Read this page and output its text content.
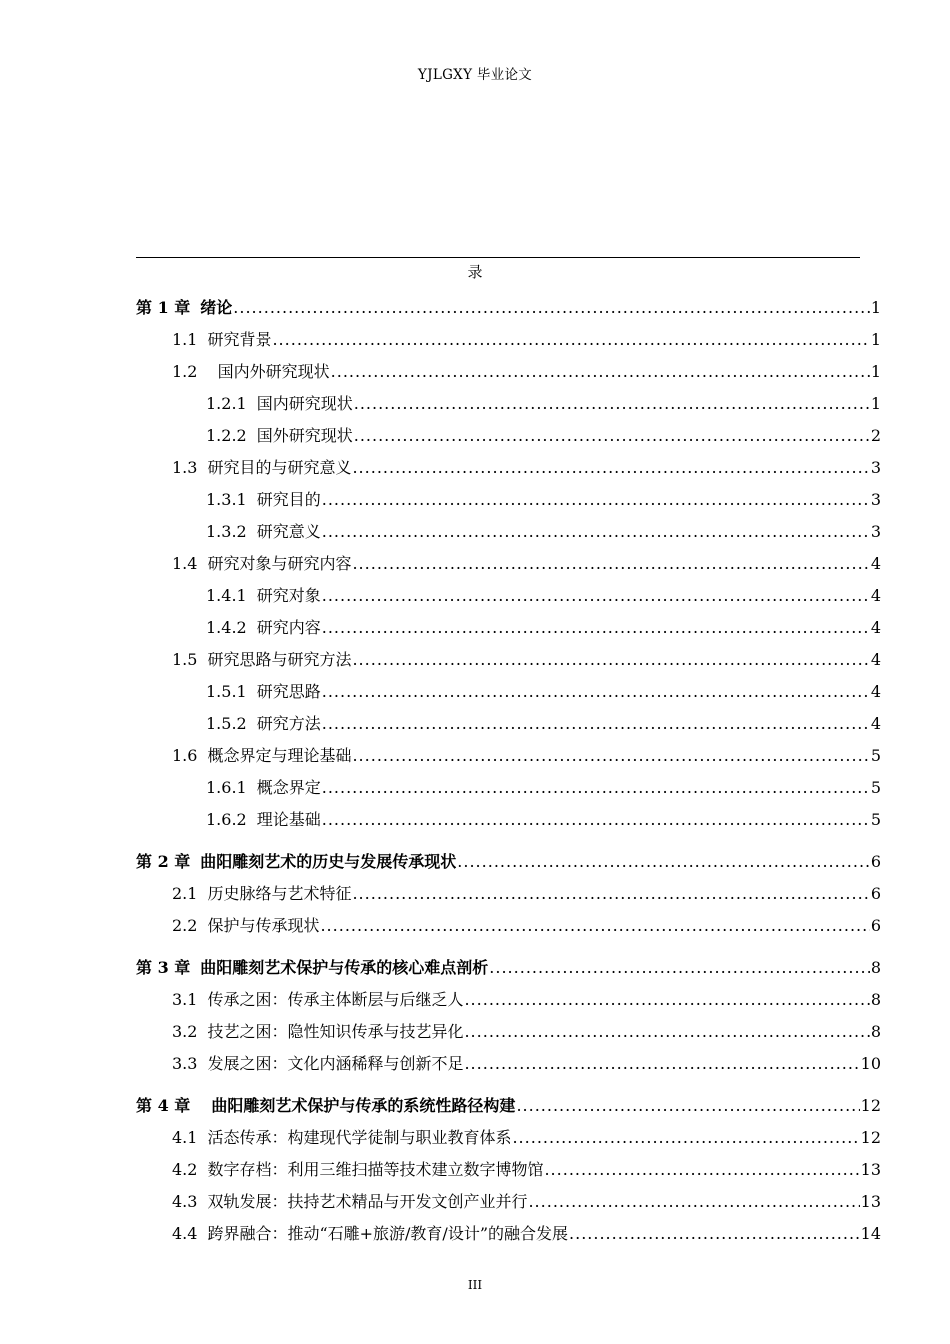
YJLGXY 毕业论文
录
第 1 章 绪论 .....	1
1.1 研究背景 .....	1
1.2 国内外研究现状 .....	1
1.2.1 国内研究现状 .....	1
1.2.2 国外研究现状 .....	2
1.3 研究目的与研究意义 .....	3
1.3.1 研究目的 .....	3
1.3.2 研究意义 .....	3
1.4 研究对象与研究内容 .....	4
1.4.1 研究对象 .....	4
1.4.2 研究内容 .....	4
1.5 研究思路与研究方法 .....	4
1.5.1 研究思路 .....	4
1.5.2 研究方法 .....	4
1.6 概念界定与理论基础 .....	5
1.6.1 概念界定 .....	5
1.6.2 理论基础 .....	5
第 2 章 曲阳雕刻艺术的历史与发展传承现状 .....	6
2.1 历史脉络与艺术特征 .....	6
2.2 保护与传承现状 .....	6
第 3 章 曲阳雕刻艺术保护与传承的核心难点剖析 .....	8
3.1 传承之困：传承主体断层与后继乏人 .....	8
3.2 技艺之困：隐性知识传承与技艺异化 .....	8
3.3 发展之困：文化内涵稀释与创新不足 .....	10
第 4 章 曲阳雕刻艺术保护与传承的系统性路径构建 .....	12
4.1 活态传承：构建现代学徒制与职业教育体系 .....	12
4.2 数字存档：利用三维扫描等技术建立数字博物馆 .....	13
4.3 双轨发展：扶持艺术精品与开发文创产业并行 .....	13
4.4 跨界融合：推动“石雕+旅游/教育/设计”的融合发展 .....	14
III
